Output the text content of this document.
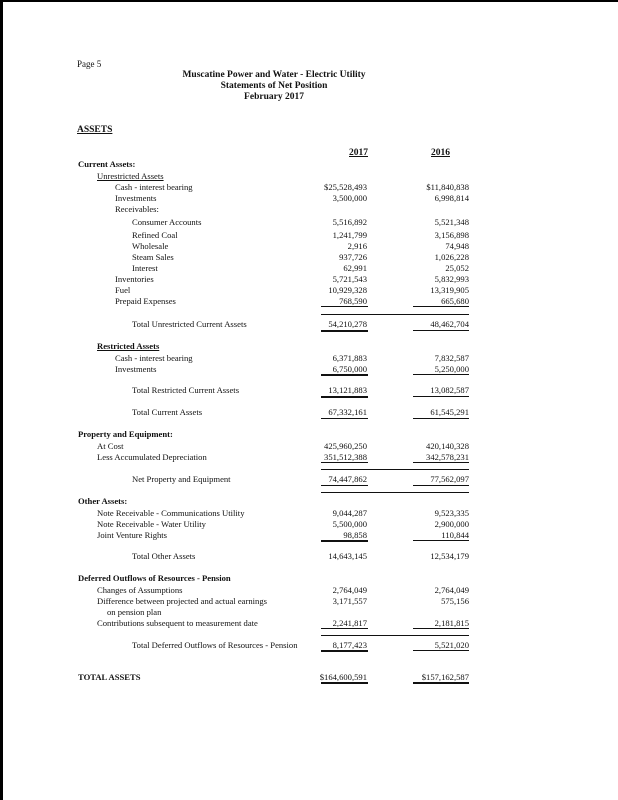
Page 5
Muscatine Power and Water - Electric Utility
Statements of Net Position
February 2017
ASSETS
2017	2016
Current Assets:
Unrestricted Assets
Cash - interest bearing	$25,528,493	$11,840,838
Investments	3,500,000	6,998,814
Receivables:
Consumer Accounts	5,516,892	5,521,348
Refined Coal	1,241,799	3,156,898
Wholesale	2,916	74,948
Steam Sales	937,726	1,026,228
Interest	62,991	25,052
Inventories	5,721,543	5,832,993
Fuel	10,929,328	13,319,905
Prepaid Expenses	768,590	665,680
Total Unrestricted Current Assets	54,210,278	48,462,704
Restricted Assets
Cash - interest bearing	6,371,883	7,832,587
Investments	6,750,000	5,250,000
Total Restricted Current Assets	13,121,883	13,082,587
Total Current Assets	67,332,161	61,545,291
Property and Equipment:
At Cost	425,960,250	420,140,328
Less Accumulated Depreciation	351,512,388	342,578,231
Net Property and Equipment	74,447,862	77,562,097
Other Assets:
Note Receivable - Communications Utility	9,044,287	9,523,335
Note Receivable - Water Utility	5,500,000	2,900,000
Joint Venture Rights	98,858	110,844
Total Other Assets	14,643,145	12,534,179
Deferred Outflows of Resources - Pension
Changes of Assumptions	2,764,049	2,764,049
Difference between projected and actual earnings	3,171,557	575,156
on pension plan
Contributions subsequent to measurement date	2,241,817	2,181,815
Total Deferred Outflows of Resources - Pension	8,177,423	5,521,020
TOTAL ASSETS	$164,600,591	$157,162,587
